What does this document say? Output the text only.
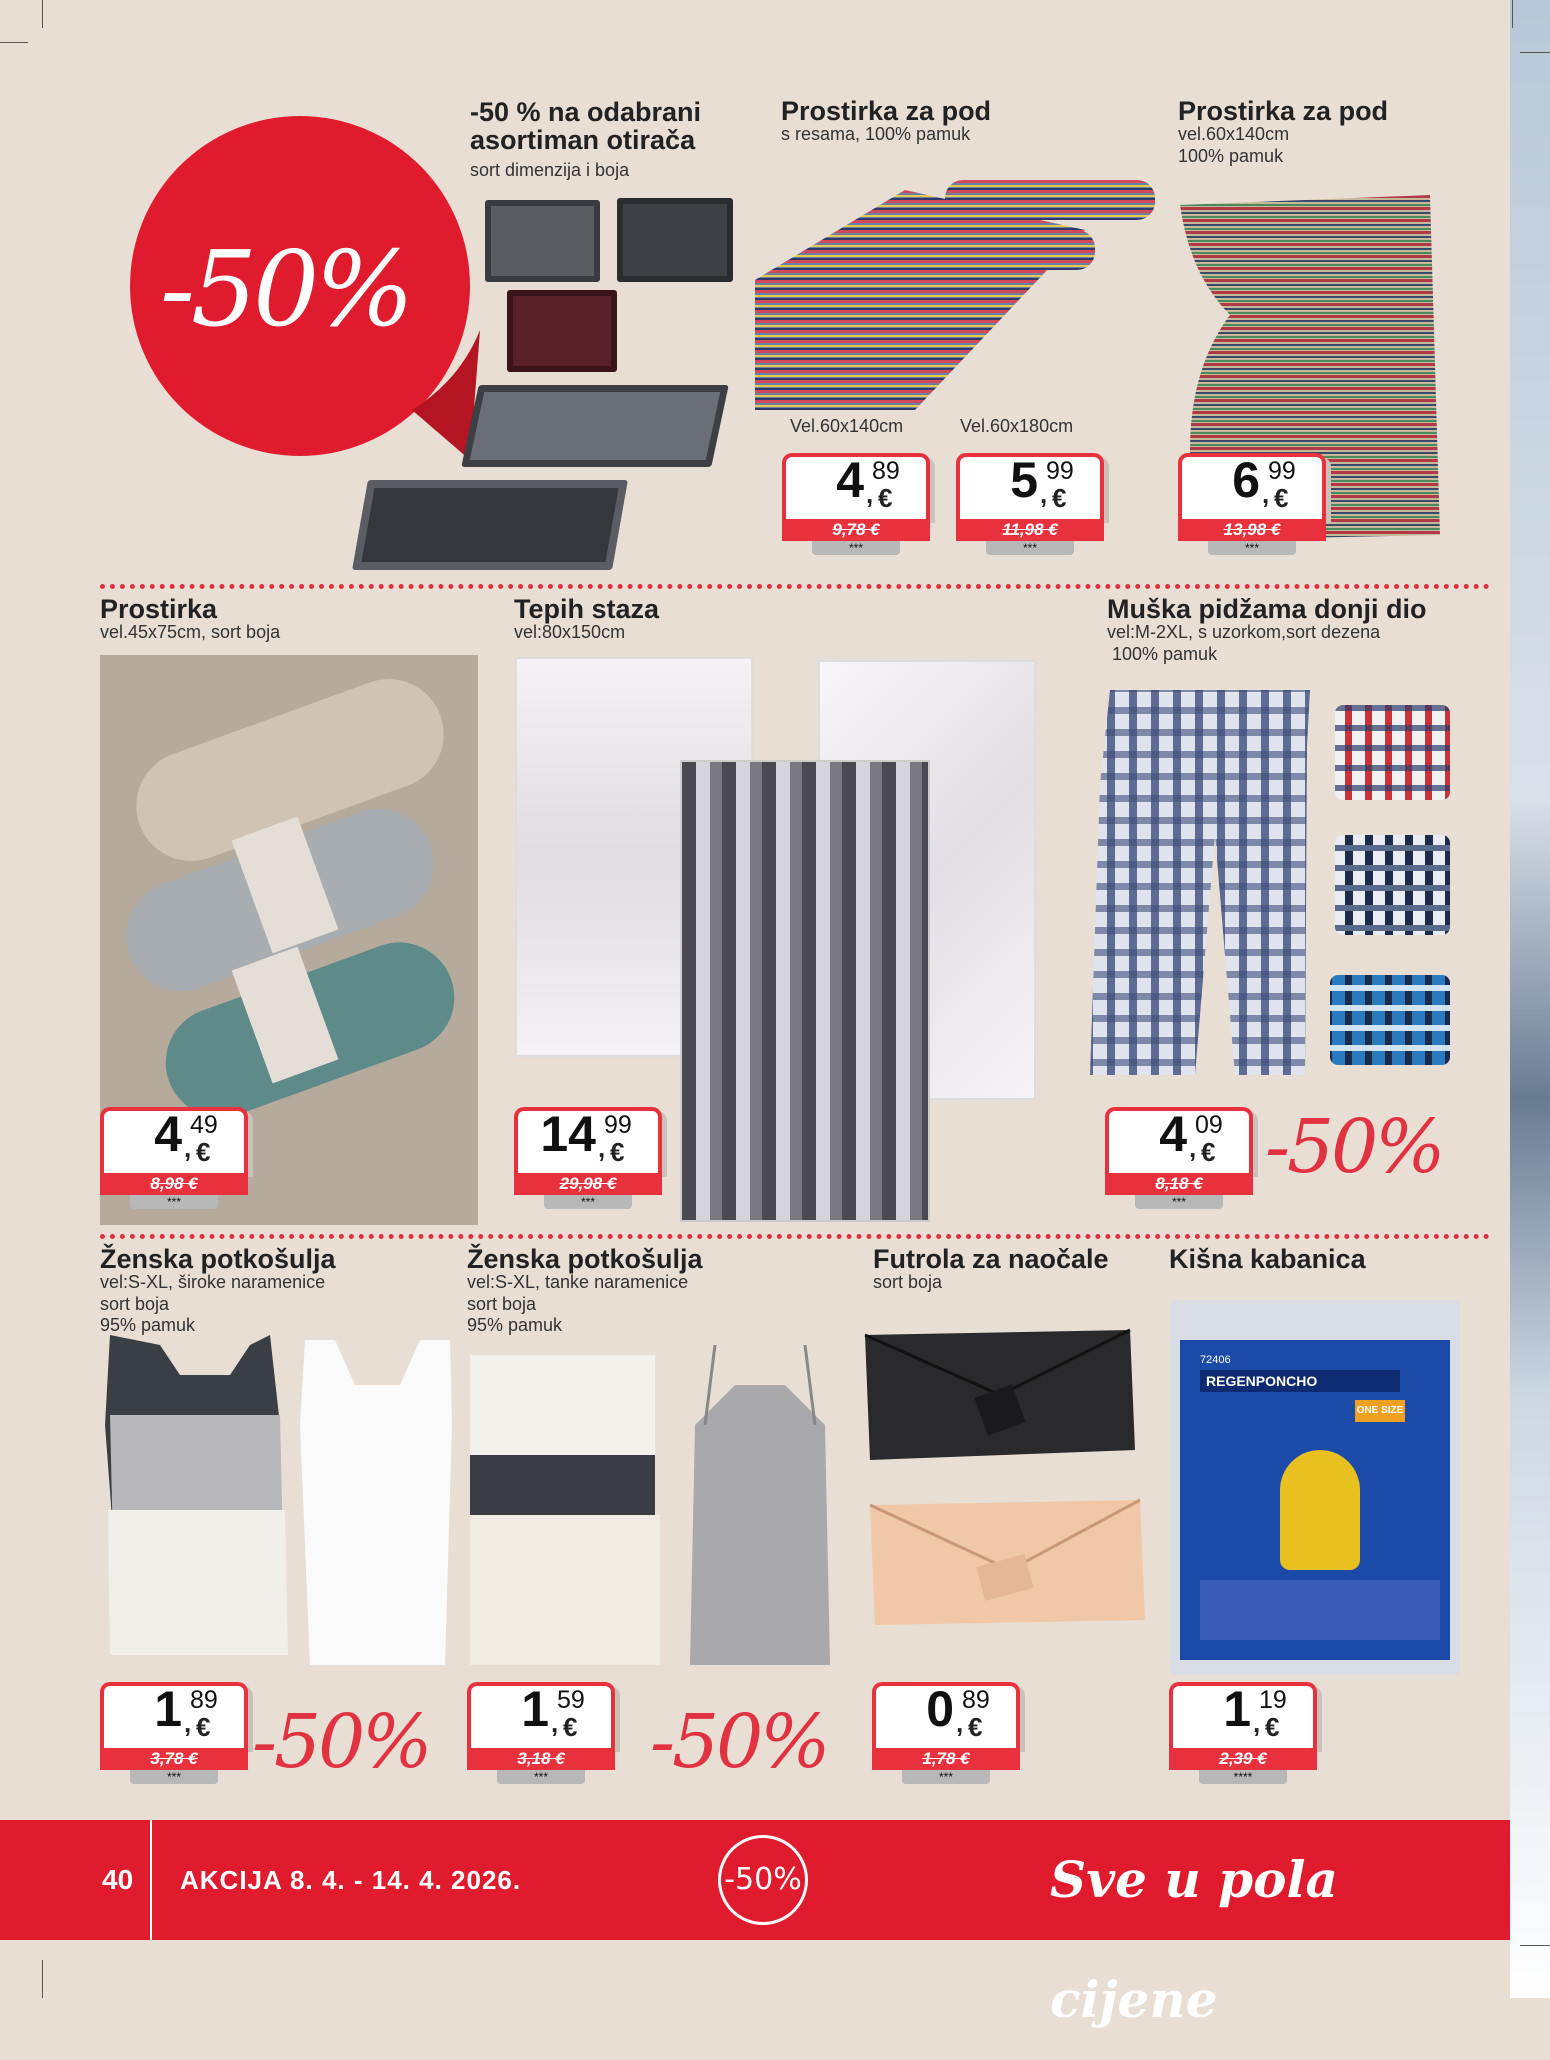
-50%
-50 % na odabrani
asortiman otirača
sort dimenzija i boja
Prostirka za pod
s resama, 100% pamuk
Vel.60x140cm	Vel.60x180cm
Prostirka za pod
vel.60x140cm
100% pamuk
4 ,
89
€
9,78 €
***
5 ,
99
€
11,98 €
***
6 ,
99
€
13,98 €
***
Prostirka
vel.45x75cm, sort boja
Tepih staza
vel:80x150cm
Muška pidžama donji dio
vel:M-2XL, s uzorkom,sort dezena
100% pamuk
4 ,
49
€
8,98 €
***
14 ,
99
€
29,98 €
***
4 ,
09
€
8,18 €
***
-50%
Ženska potkošulja
vel:S-XL, široke naramenice
sort boja
95% pamuk
Ženska potkošulja
vel:S-XL, tanke naramenice
sort boja
95% pamuk
Futrola za naočale
sort boja
Kišna kabanica
REGENPONCHO
72406
ONE SIZE
1 ,
89
€
3,78 €
*** -50% 1 ,
59
€
3,18 €
***	-50% 0 ,
89
€
1,78 €
***
1 ,
19
€
2,39 €
****
40 AKCIJA 8. 4. - 14. 4. 2026.	-50%	Sve u pola cijene
